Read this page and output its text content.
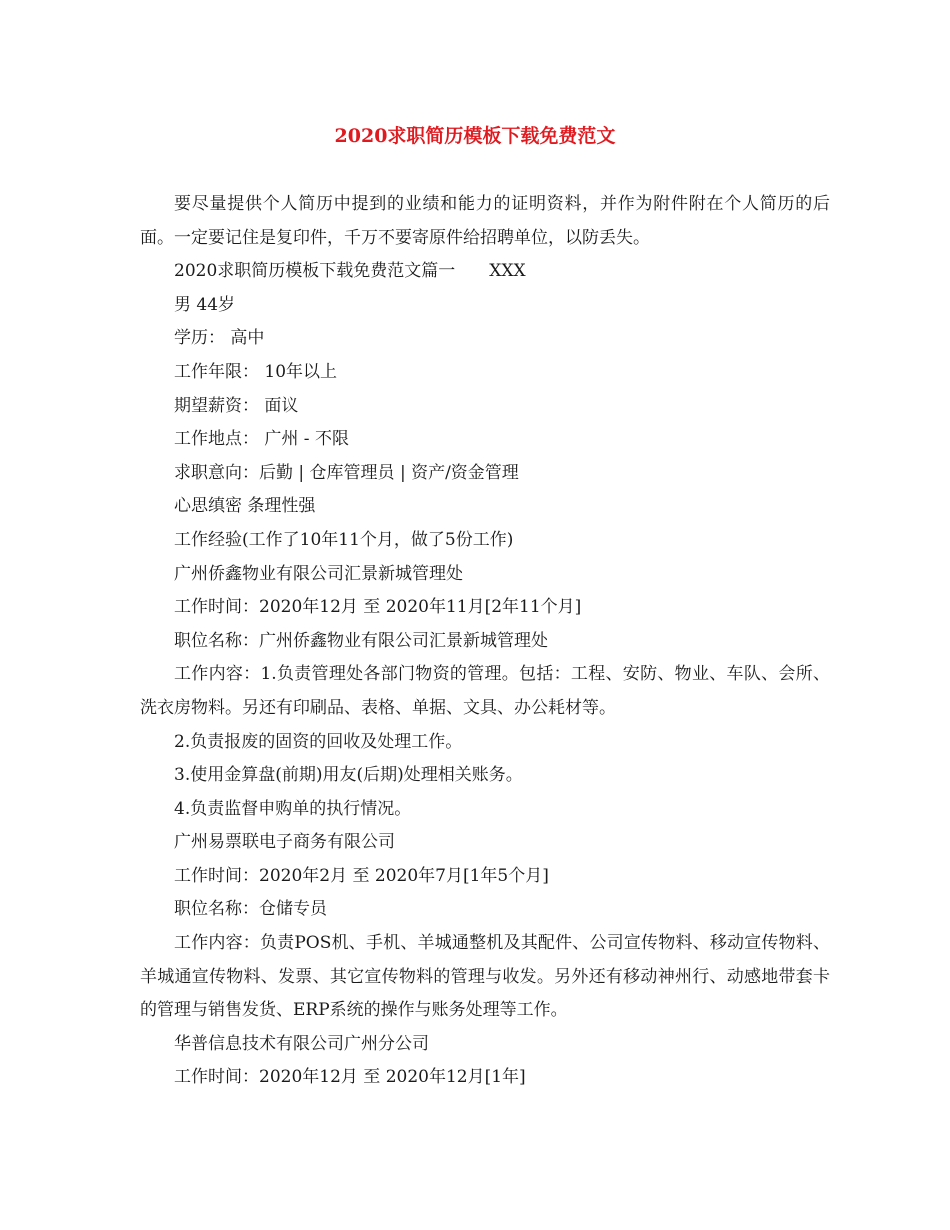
2020求职简历模板下载免费范文

要尽量提供个人简历中提到的业绩和能力的证明资料，并作为附件附在个人简历的后面。一定要记住是复印件，千万不要寄原件给招聘单位，以防丢失。

2020求职简历模板下载免费范文篇一 XXX

男 44岁

学历： 高中

工作年限： 10年以上

期望薪资： 面议

工作地点： 广州 - 不限

求职意向：后勤 | 仓库管理员 | 资产/资金管理

心思缜密 条理性强

工作经验(工作了10年11个月，做了5份工作)

广州侨鑫物业有限公司汇景新城管理处

工作时间：2020年12月 至 2020年11月[2年11个月]

职位名称：广州侨鑫物业有限公司汇景新城管理处

工作内容：1.负责管理处各部门物资的管理。包括：工程、安防、物业、车队、会所、洗衣房物料。另还有印刷品、表格、单据、文具、办公耗材等。

2.负责报废的固资的回收及处理工作。

3.使用金算盘(前期)用友(后期)处理相关账务。

4.负责监督申购单的执行情况。

广州易票联电子商务有限公司

工作时间：2020年2月 至 2020年7月[1年5个月]

职位名称：仓储专员

工作内容：负责POS机、手机、羊城通整机及其配件、公司宣传物料、移动宣传物料、羊城通宣传物料、发票、其它宣传物料的管理与收发。另外还有移动神州行、动感地带套卡的管理与销售发货、ERP系统的操作与账务处理等工作。

华普信息技术有限公司广州分公司

工作时间：2020年12月 至 2020年12月[1年]
